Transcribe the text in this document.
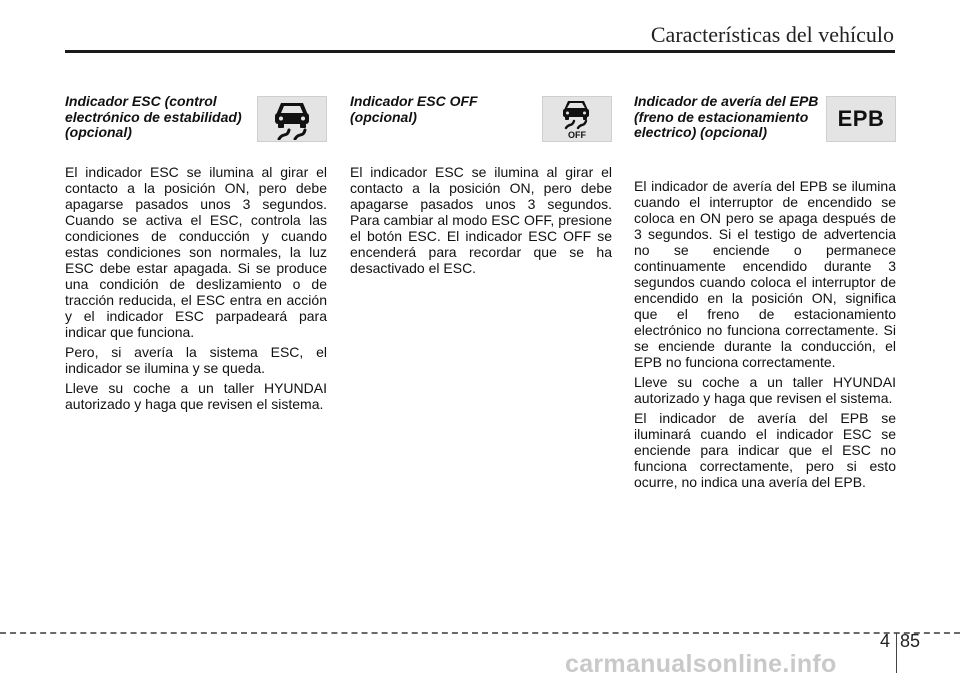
Características del vehículo
Indicador ESC (control electrónico de estabilidad) (opcional)

El indicador ESC se ilumina al girar el contacto a la posición ON, pero debe apagarse pasados unos 3 segundos. Cuando se activa el ESC, controla las condiciones de conducción y cuando estas condiciones son normales, la luz ESC debe estar apagada. Si se produce una condición de deslizamiento o de tracción reducida, el ESC entra en acción y el indicador ESC parpadeará para indicar que funciona.

Pero, si avería la sistema ESC, el indicador se ilumina y se queda.

Lleve su coche a un taller HYUNDAI autorizado y haga que revisen el sistema.

Indicador ESC OFF (opcional)
OFF

El indicador ESC se ilumina al girar el contacto a la posición ON, pero debe apagarse pasados unos 3 segundos. Para cambiar al modo ESC OFF, presione el botón ESC. El indicador ESC OFF se encenderá para recordar que se ha desactivado el ESC.

Indicador de avería del EPB (freno de estacionamiento electrico) (opcional)
EPB

El indicador de avería del EPB se ilumina cuando el interruptor de encendido se coloca en ON pero se apaga después de 3 segundos. Si el testigo de advertencia no se enciende o permanece continuamente encendido durante 3 segundos cuando coloca el interruptor de encendido en la posición ON, significa que el freno de estacionamiento electrónico no funciona correctamente. Si se enciende durante la conducción, el EPB no funciona correctamente.

Lleve su coche a un taller HYUNDAI autorizado y haga que revisen el sistema.

El indicador de avería del EPB se iluminará cuando el indicador ESC se enciende para indicar que el ESC no funciona correctamente, pero si esto ocurre, no indica una avería del EPB.

4 85
carmanualsonline.info
